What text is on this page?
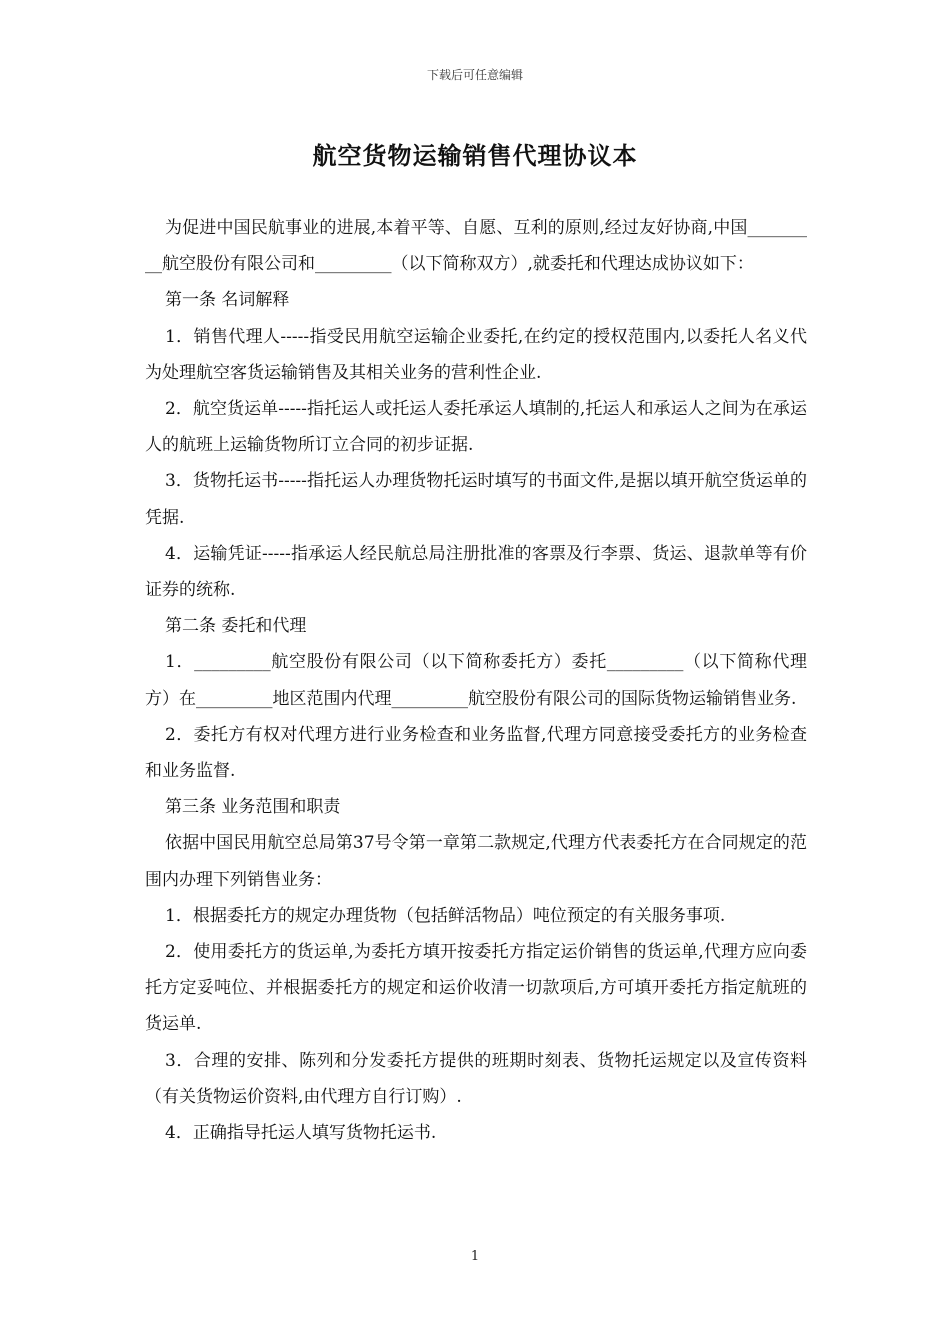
下载后可任意编辑
航空货物运输销售代理协议本

为促进中国民航事业的进展,本着平等、自愿、互利的原则,经过友好协商,中国_________航空股份有限公司和_________（以下简称双方）,就委托和代理达成协议如下：

第一条 名词解释

1．销售代理人-----指受民用航空运输企业委托,在约定的授权范围内,以委托人名义代为处理航空客货运输销售及其相关业务的营利性企业.

2．航空货运单-----指托运人或托运人委托承运人填制的,托运人和承运人之间为在承运人的航班上运输货物所订立合同的初步证据.

3．货物托运书-----指托运人办理货物托运时填写的书面文件,是据以填开航空货运单的凭据.

4．运输凭证-----指承运人经民航总局注册批准的客票及行李票、货运、退款单等有价证券的统称.

第二条 委托和代理

1．_________航空股份有限公司（以下简称委托方）委托_________（以下简称代理方）在_________地区范围内代理_________航空股份有限公司的国际货物运输销售业务.

2．委托方有权对代理方进行业务检查和业务监督,代理方同意接受委托方的业务检查和业务监督.

第三条 业务范围和职责

依据中国民用航空总局第37号令第一章第二款规定,代理方代表委托方在合同规定的范围内办理下列销售业务：

1．根据委托方的规定办理货物（包括鲜活物品）吨位预定的有关服务事项.

2．使用委托方的货运单,为委托方填开按委托方指定运价销售的货运单,代理方应向委托方定妥吨位、并根据委托方的规定和运价收清一切款项后,方可填开委托方指定航班的货运单.

3．合理的安排、陈列和分发委托方提供的班期时刻表、货物托运规定以及宣传资料（有关货物运价资料,由代理方自行订购）.

4．正确指导托运人填写货物托运书.

1
